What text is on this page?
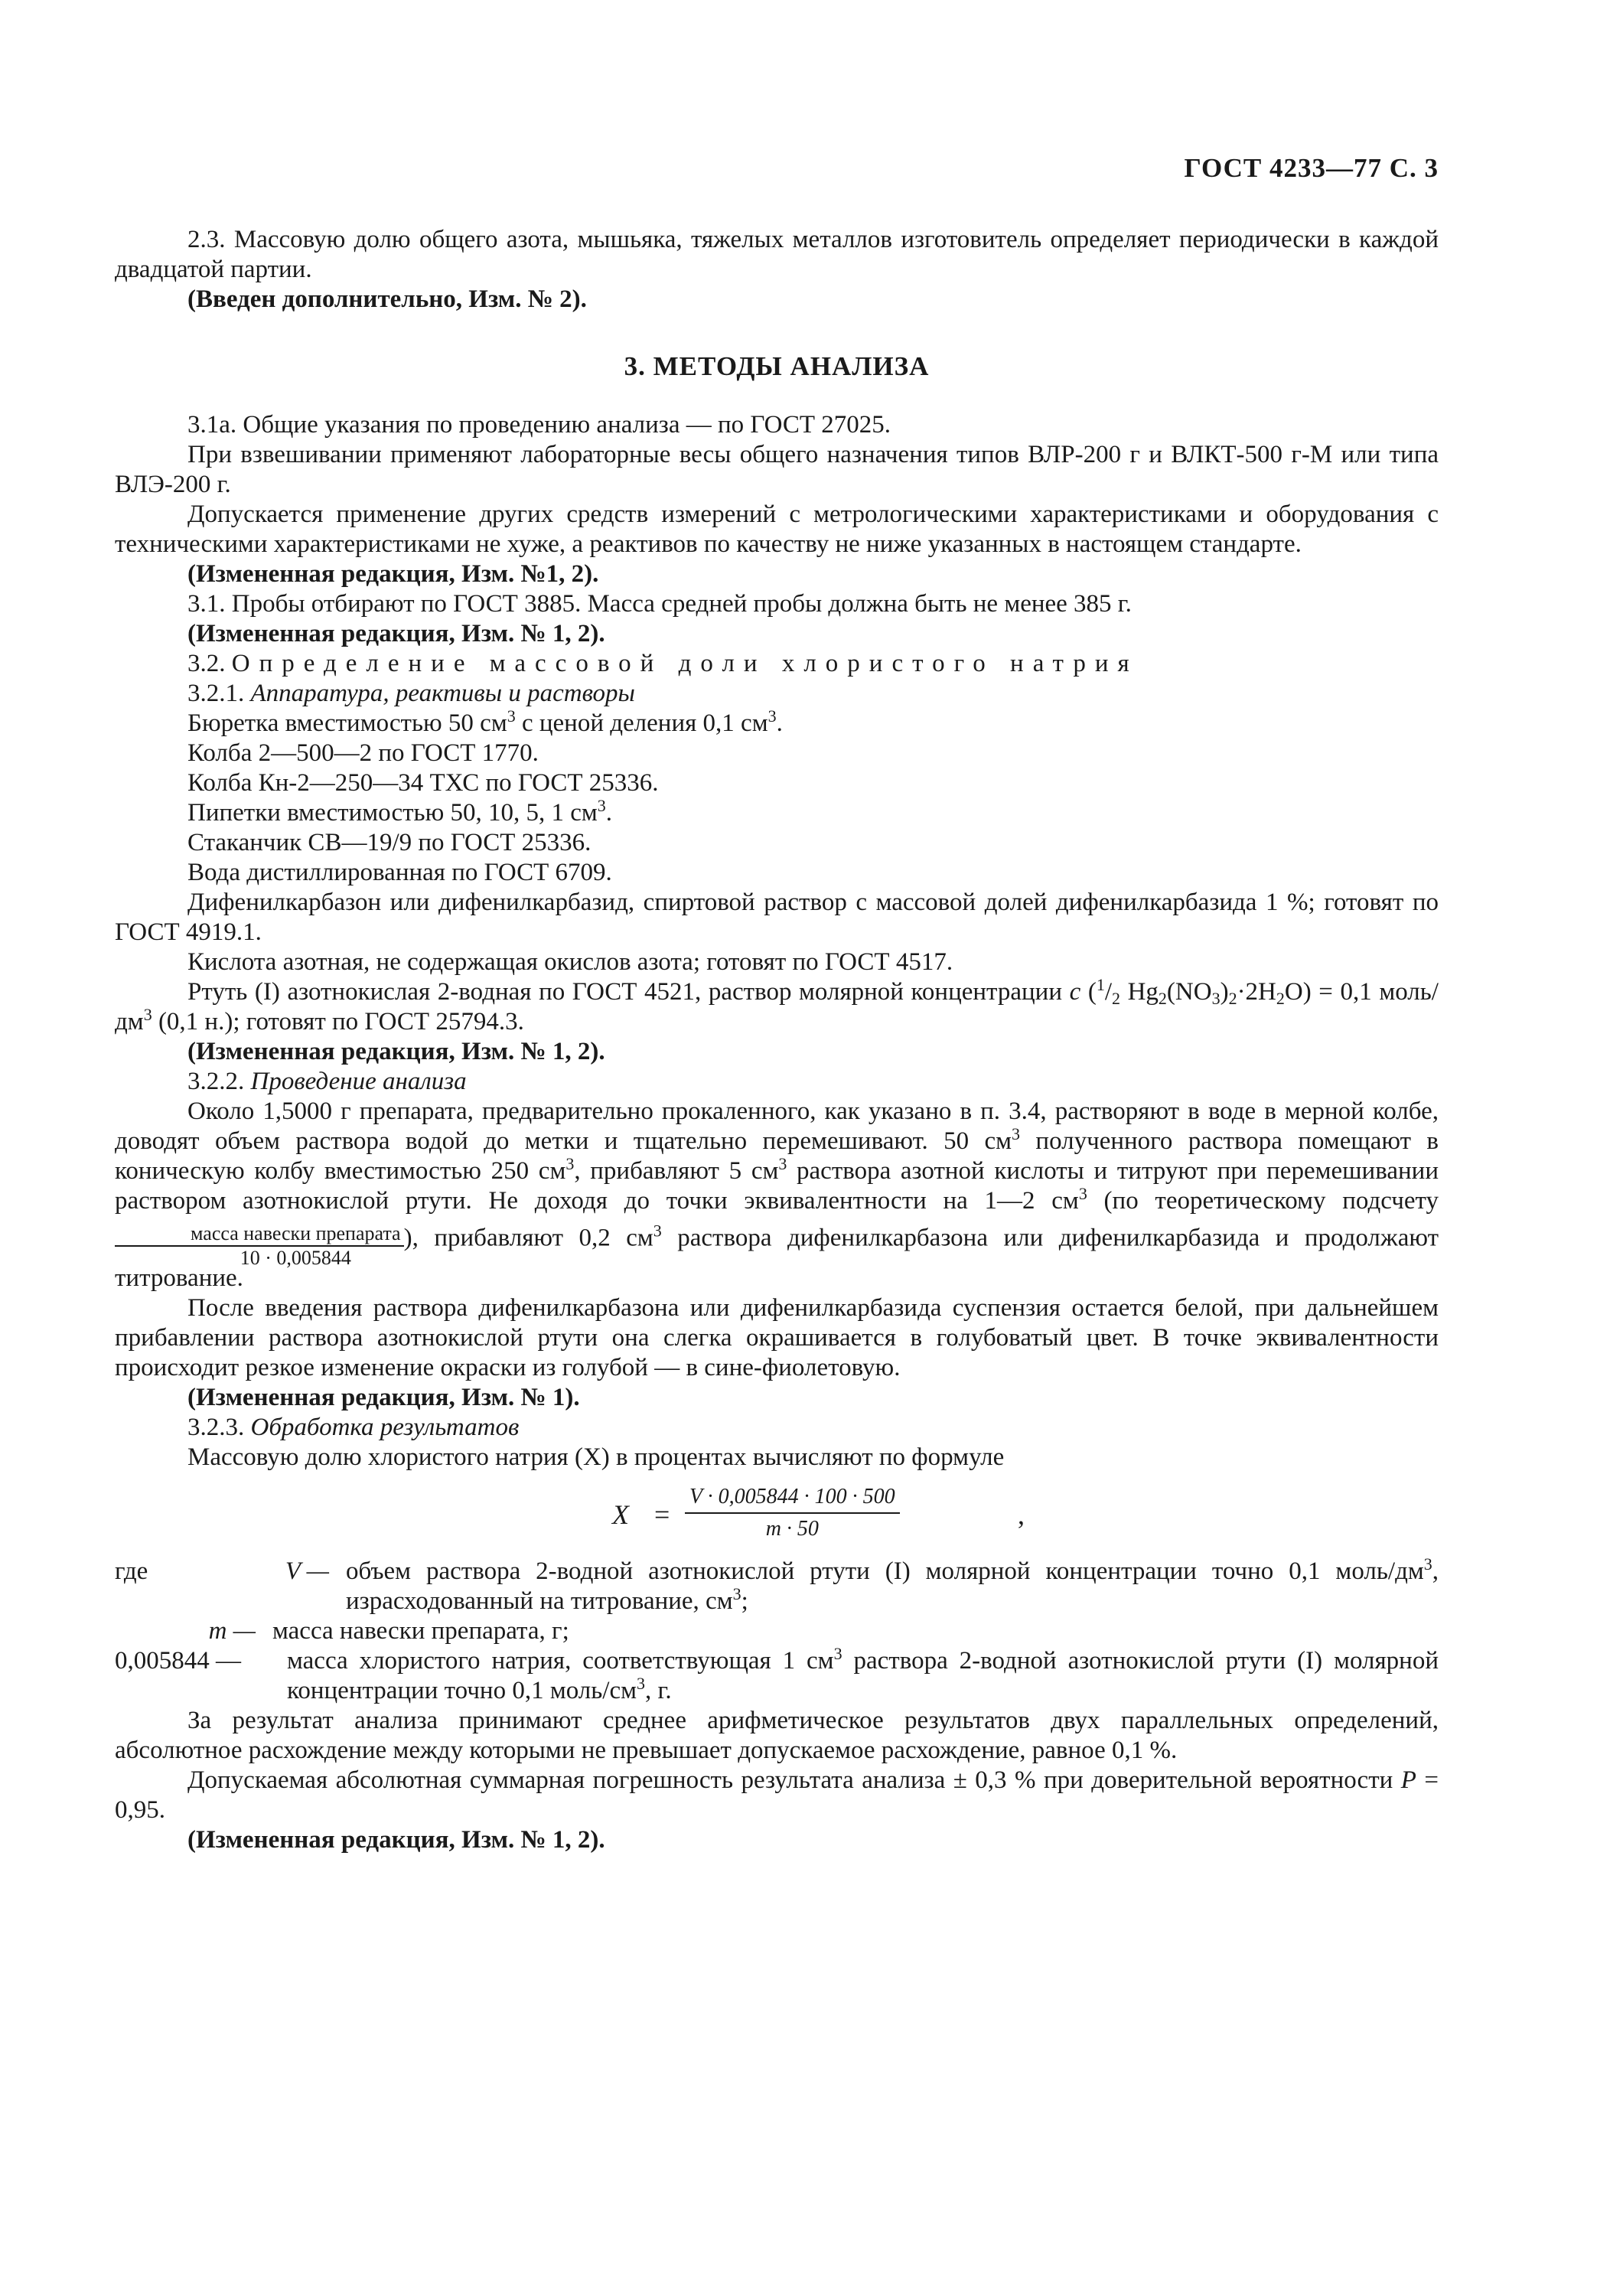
ГОСТ 4233—77 С. 3

2.3. Массовую долю общего азота, мышьяка, тяжелых металлов изготовитель определяет периодически в каждой двадцатой партии.

(Введен дополнительно, Изм. № 2).

3. МЕТОДЫ АНАЛИЗА

3.1а. Общие указания по проведению анализа — по ГОСТ 27025.

При взвешивании применяют лабораторные весы общего назначения типов ВЛР-200 г и ВЛКТ-500 г-М или типа ВЛЭ-200 г.

Допускается применение других средств измерений с метрологическими характеристиками и оборудования с техническими характеристиками не хуже, а реактивов по качеству не ниже указанных в настоящем стандарте.

(Измененная редакция, Изм. №1, 2).

3.1. Пробы отбирают по ГОСТ 3885. Масса средней пробы должна быть не менее 385 г.

(Измененная редакция, Изм. № 1, 2).

3.2. Определение массовой доли хлористого натрия

3.2.1. Аппаратура, реактивы и растворы

Бюретка вместимостью 50 $см^3$ с ценой деления 0,1 $см^3$.

Колба 2—500—2 по ГОСТ 1770.

Колба Кн-2—250—34 ТХС по ГОСТ 25336.

Пипетки вместимостью 50, 10, 5, 1 $см^3$.

Стаканчик СВ—19/9 по ГОСТ 25336.

Вода дистиллированная по ГОСТ 6709.

Дифенилкарбазон или дифенилкарбазид, спиртовой раствор с массовой долей дифенилкарбазида 1 %; готовят по ГОСТ 4919.1.

Кислота азотная, не содержащая окислов азота; готовят по ГОСТ 4517.

Ртуть (I) азотнокислая 2-водная по ГОСТ 4521, раствор молярной концентрации c ($^1/_2$ $Hg_2(NO_3)_2\cdot 2H_2O) = 0,1$ моль/$дм^3$ (0,1 н.); готовят по ГОСТ 25794.3.

(Измененная редакция, Изм. № 1, 2).

3.2.2. Проведение анализа

Около 1,5000 г препарата, предварительно прокаленного, как указано в п. 3.4, растворяют в воде в мерной колбе, доводят объем раствора водой до метки и тщательно перемешивают. 50 $см^3$ полученного раствора помещают в коническую колбу вместимостью 250 $см^3$, прибавляют 5 $см^3$ раствора азотной кислоты и титруют при перемешивании раствором азотнокислой ртути. Не доходя до точки эквивалентности на 1—2 $см^3$ (по теоретическому подсчету
$\frac{\text{масса навески препарата}}{10 \cdot 0,005844}$ ), прибавляют 0,2 $см^3$ раствора дифенилкарбазона или дифенилкарбазида и продолжают титрование.

После введения раствора дифенилкарбазона или дифенилкарбазида суспензия остается белой, при дальнейшем прибавлении раствора азотнокислой ртути она слегка окрашивается в голубоватый цвет. В точке эквивалентности происходит резкое изменение окраски из голубой — в сине-фиолетовую.

(Измененная редакция, Изм. № 1).

3.2.3. Обработка результатов

Массовую долю хлористого натрия (X) в процентах вычисляют по формуле

$X = \frac{V \cdot 0,005844 \cdot 100 \cdot 500}{m \cdot 50}$	,
где	V — объем раствора 2-водной азотнокислой ртути (I) молярной концентрации точно 0,1 моль/$дм^3$, израсходованный на титрование, $см^3$;
m — масса навески препарата, г;
0,005844 —	масса хлористого натрия, соответствующая 1 $см^3$ раствора 2-водной азотнокислой ртути (I) молярной концентрации точно 0,1 моль/$см^3$, г.

За результат анализа принимают среднее арифметическое результатов двух параллельных определений, абсолютное расхождение между которыми не превышает допускаемое расхождение, равное 0,1 %.

Допускаемая абсолютная суммарная погрешность результата анализа ± 0,3 % при доверительной вероятности P = 0,95.

(Измененная редакция, Изм. № 1, 2).
